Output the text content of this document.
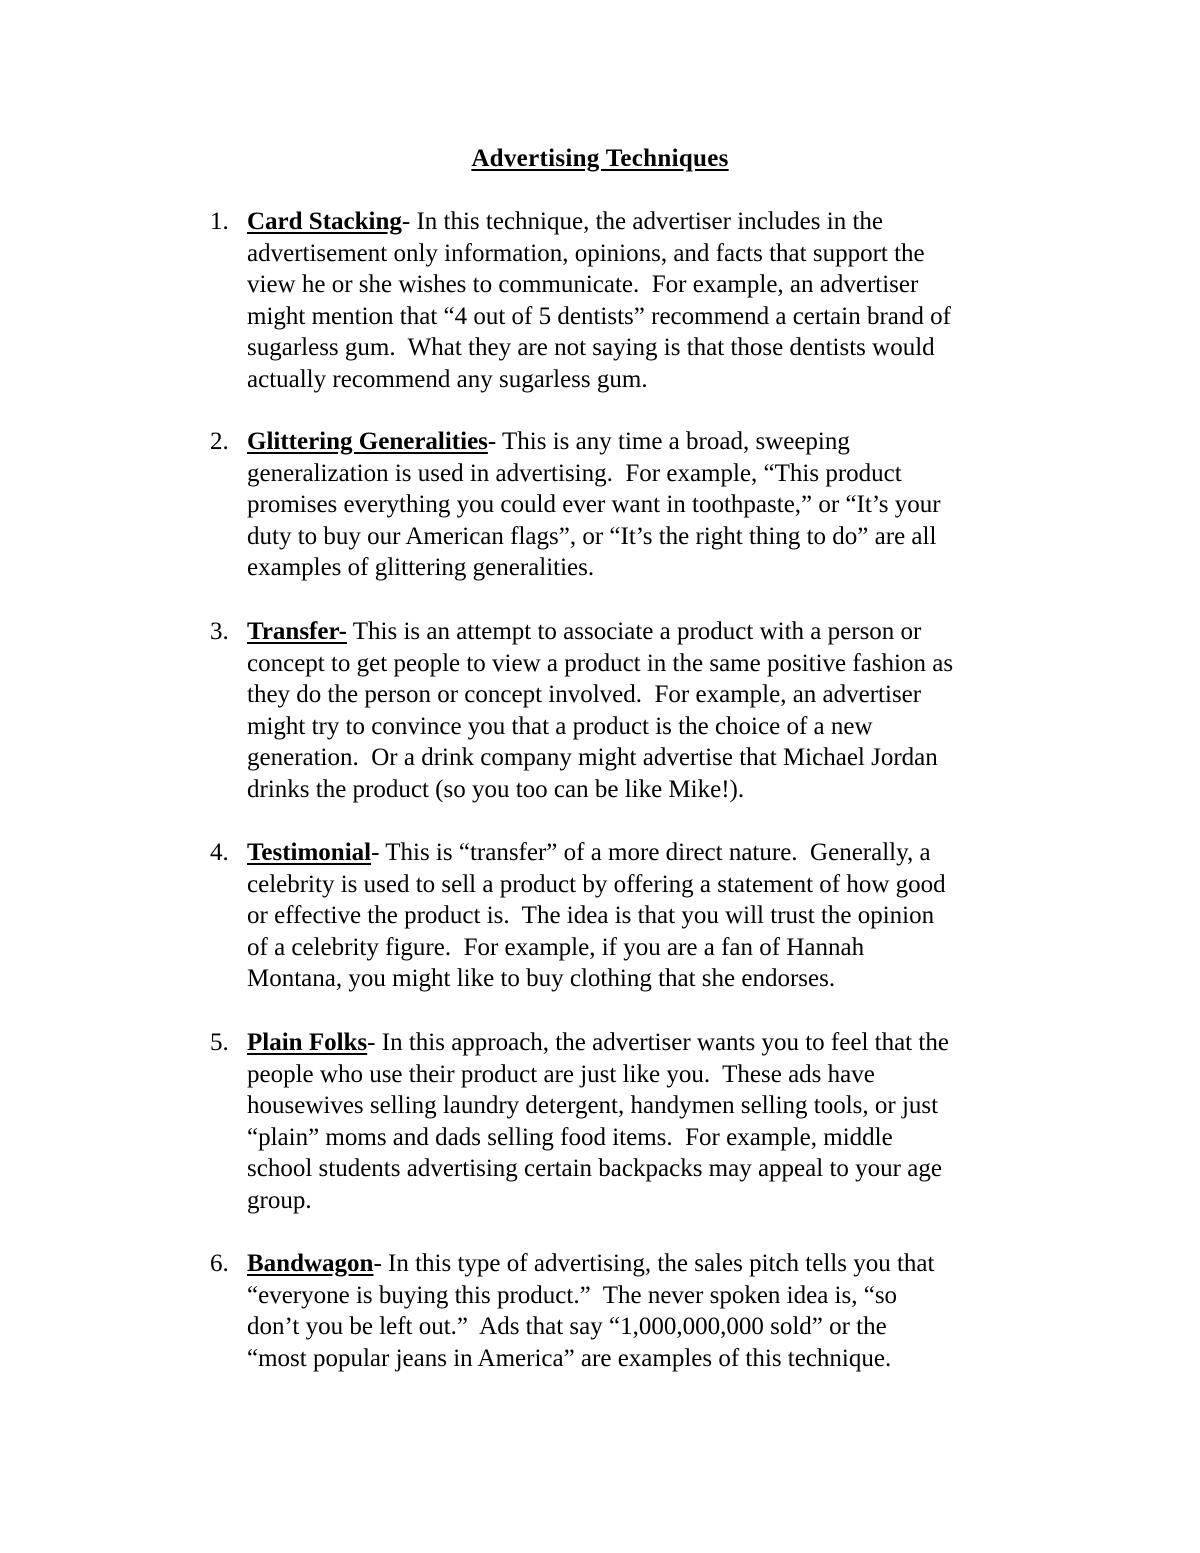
Advertising Techniques
1. Card Stacking- In this technique, the advertiser includes in the
advertisement only information, opinions, and facts that support the
view he or she wishes to communicate.  For example, an advertiser
might mention that “4 out of 5 dentists” recommend a certain brand of
sugarless gum.  What they are not saying is that those dentists would
actually recommend any sugarless gum.
2. Glittering Generalities- This is any time a broad, sweeping
generalization is used in advertising.  For example, “This product
promises everything you could ever want in toothpaste,” or “It’s your
duty to buy our American flags”, or “It’s the right thing to do” are all
examples of glittering generalities.
3. Transfer- This is an attempt to associate a product with a person or
concept to get people to view a product in the same positive fashion as
they do the person or concept involved.  For example, an advertiser
might try to convince you that a product is the choice of a new
generation.  Or a drink company might advertise that Michael Jordan
drinks the product (so you too can be like Mike!).
4. Testimonial- This is “transfer” of a more direct nature.  Generally, a
celebrity is used to sell a product by offering a statement of how good
or effective the product is.  The idea is that you will trust the opinion
of a celebrity figure.  For example, if you are a fan of Hannah
Montana, you might like to buy clothing that she endorses.
5. Plain Folks- In this approach, the advertiser wants you to feel that the
people who use their product are just like you.  These ads have
housewives selling laundry detergent, handymen selling tools, or just
“plain” moms and dads selling food items.  For example, middle
school students advertising certain backpacks may appeal to your age
group.
6. Bandwagon- In this type of advertising, the sales pitch tells you that
“everyone is buying this product.”  The never spoken idea is, “so
don’t you be left out.”  Ads that say “1,000,000,000 sold” or the
“most popular jeans in America” are examples of this technique.
